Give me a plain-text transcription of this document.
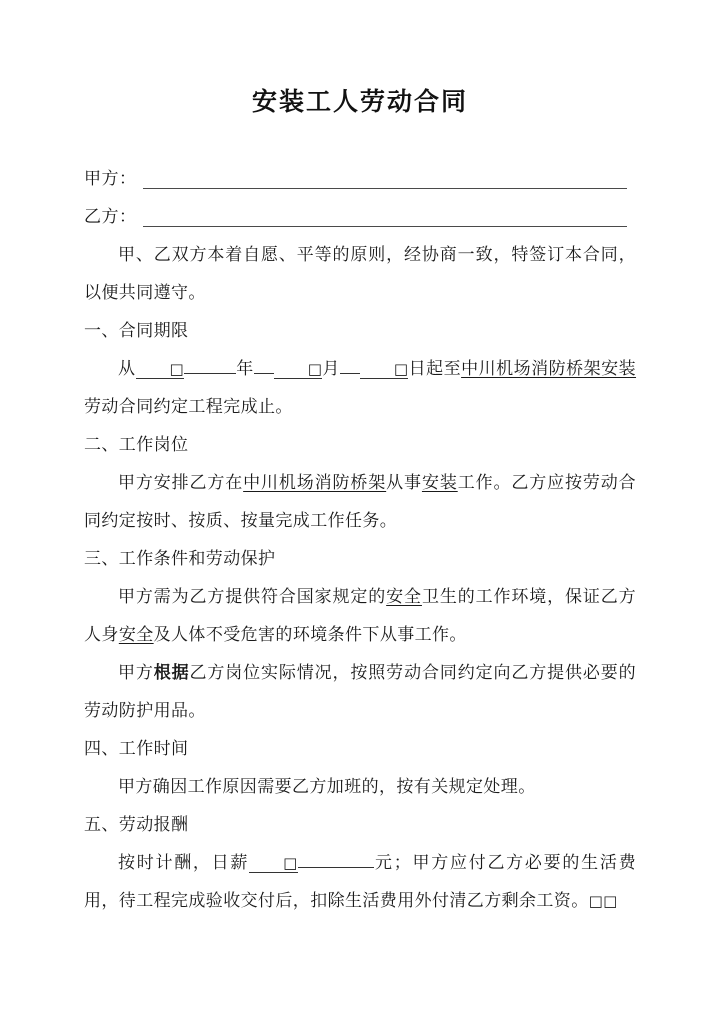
安装工人劳动合同
甲方：
乙方：

甲、乙双方本着自愿、平等的原则，经协商一致，特签订本合同，以便共同遵守。

一、合同期限

从 □	年	□月	□日起至中川机场消防桥架安装劳动合同约定工程完成止。

二、工作岗位

甲方安排乙方在中川机场消防桥架从事安装工作。乙方应按劳动合同约定按时、按质、按量完成工作任务。

三、工作条件和劳动保护

甲方需为乙方提供符合国家规定的安全卫生的工作环境，保证乙方人身安全及人体不受危害的环境条件下从事工作。

甲方根据乙方岗位实际情况，按照劳动合同约定向乙方提供必要的劳动防护用品。

四、工作时间

甲方确因工作原因需要乙方加班的，按有关规定处理。

五、劳动报酬

按时计酬，日薪 □	元；甲方应付乙方必要的生活费用，待工程完成验收交付后，扣除生活费用外付清乙方剩余工资。□□
